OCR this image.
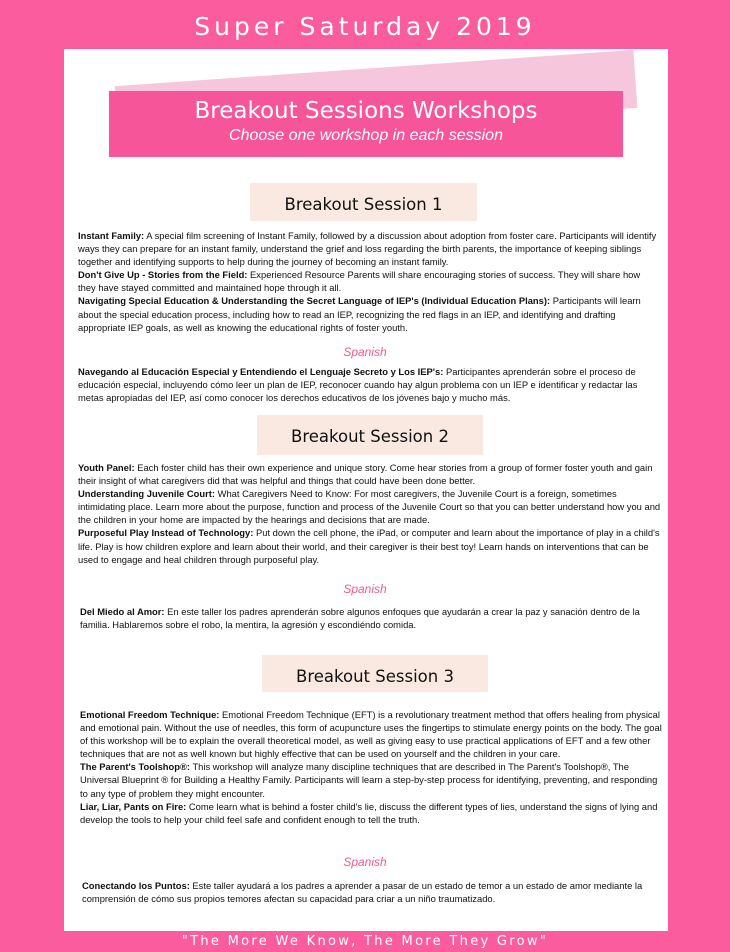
Super Saturday 2019
Breakout Sessions Workshops
Choose one workshop in each session
Breakout Session 1

Instant Family: A special film screening of Instant Family, followed by a discussion about adoption from foster care. Participants will identify ways they can prepare for an instant family, understand the grief and loss regarding the birth parents, the importance of keeping siblings together and identifying supports to help during the journey of becoming an instant family.

Don't Give Up - Stories from the Field: Experienced Resource Parents will share encouraging stories of success. They will share how they have stayed committed and maintained hope through it all.

Navigating Special Education & Understanding the Secret Language of IEP's (Individual Education Plans): Participants will learn about the special education process, including how to read an IEP, recognizing the red flags in an IEP, and identifying and drafting appropriate IEP goals, as well as knowing the educational rights of foster youth.

Spanish

Navegando al Educación Especial y Entendiendo el Lenguaje Secreto y Los IEP's: Participantes aprenderán sobre el proceso de educación especial, incluyendo cómo leer un plan de IEP, reconocer cuando hay algun problema con un IEP e identificar y redactar las metas apropiadas del IEP, así como conocer los derechos educativos de los jóvenes bajo y mucho más.

Breakout Session 2

Youth Panel: Each foster child has their own experience and unique story. Come hear stories from a group of former foster youth and gain their insight of what caregivers did that was helpful and things that could have been done better.

Understanding Juvenile Court: What Caregivers Need to Know: For most caregivers, the Juvenile Court is a foreign, sometimes intimidating place. Learn more about the purpose, function and process of the Juvenile Court so that you can better understand how you and the children in your home are impacted by the hearings and decisions that are made.

Purposeful Play Instead of Technology: Put down the cell phone, the iPad, or computer and learn about the importance of play in a child's life. Play is how children explore and learn about their world, and their caregiver is their best toy! Learn hands on interventions that can be used to engage and heal children through purposeful play.

Spanish

Del Miedo al Amor: En este taller los padres aprenderán sobre algunos enfoques que ayudarán a crear la paz y sanación dentro de la familia. Hablaremos sobre el robo, la mentira, la agresión y escondiéndo comida.

Breakout Session 3

Emotional Freedom Technique: Emotional Freedom Technique (EFT) is a revolutionary treatment method that offers healing from physical and emotional pain. Without the use of needles, this form of acupuncture uses the fingertips to stimulate energy points on the body. The goal of this workshop will be to explain the overall theoretical model, as well as giving easy to use practical applications of EFT and a few other techniques that are not as well known but highly effective that can be used on yourself and the children in your care.

The Parent's Toolshop®: This workshop will analyze many discipline techniques that are described in The Parent's Toolshop®, The Universal Blueprint ® for Building a Healthy Family. Participants will learn a step-by-step process for identifying, preventing, and responding to any type of problem they might encounter.

Liar, Liar, Pants on Fire: Come learn what is behind a foster child's lie, discuss the different types of lies, understand the signs of lying and develop the tools to help your child feel safe and confident enough to tell the truth.

Spanish

Conectando los Puntos: Este taller ayudará a los padres a aprender a pasar de un estado de temor a un estado de amor mediante la comprensión de cómo sus propios temores afectan su capacidad para criar a un niño traumatizado.

"The More We Know, The More They Grow"
